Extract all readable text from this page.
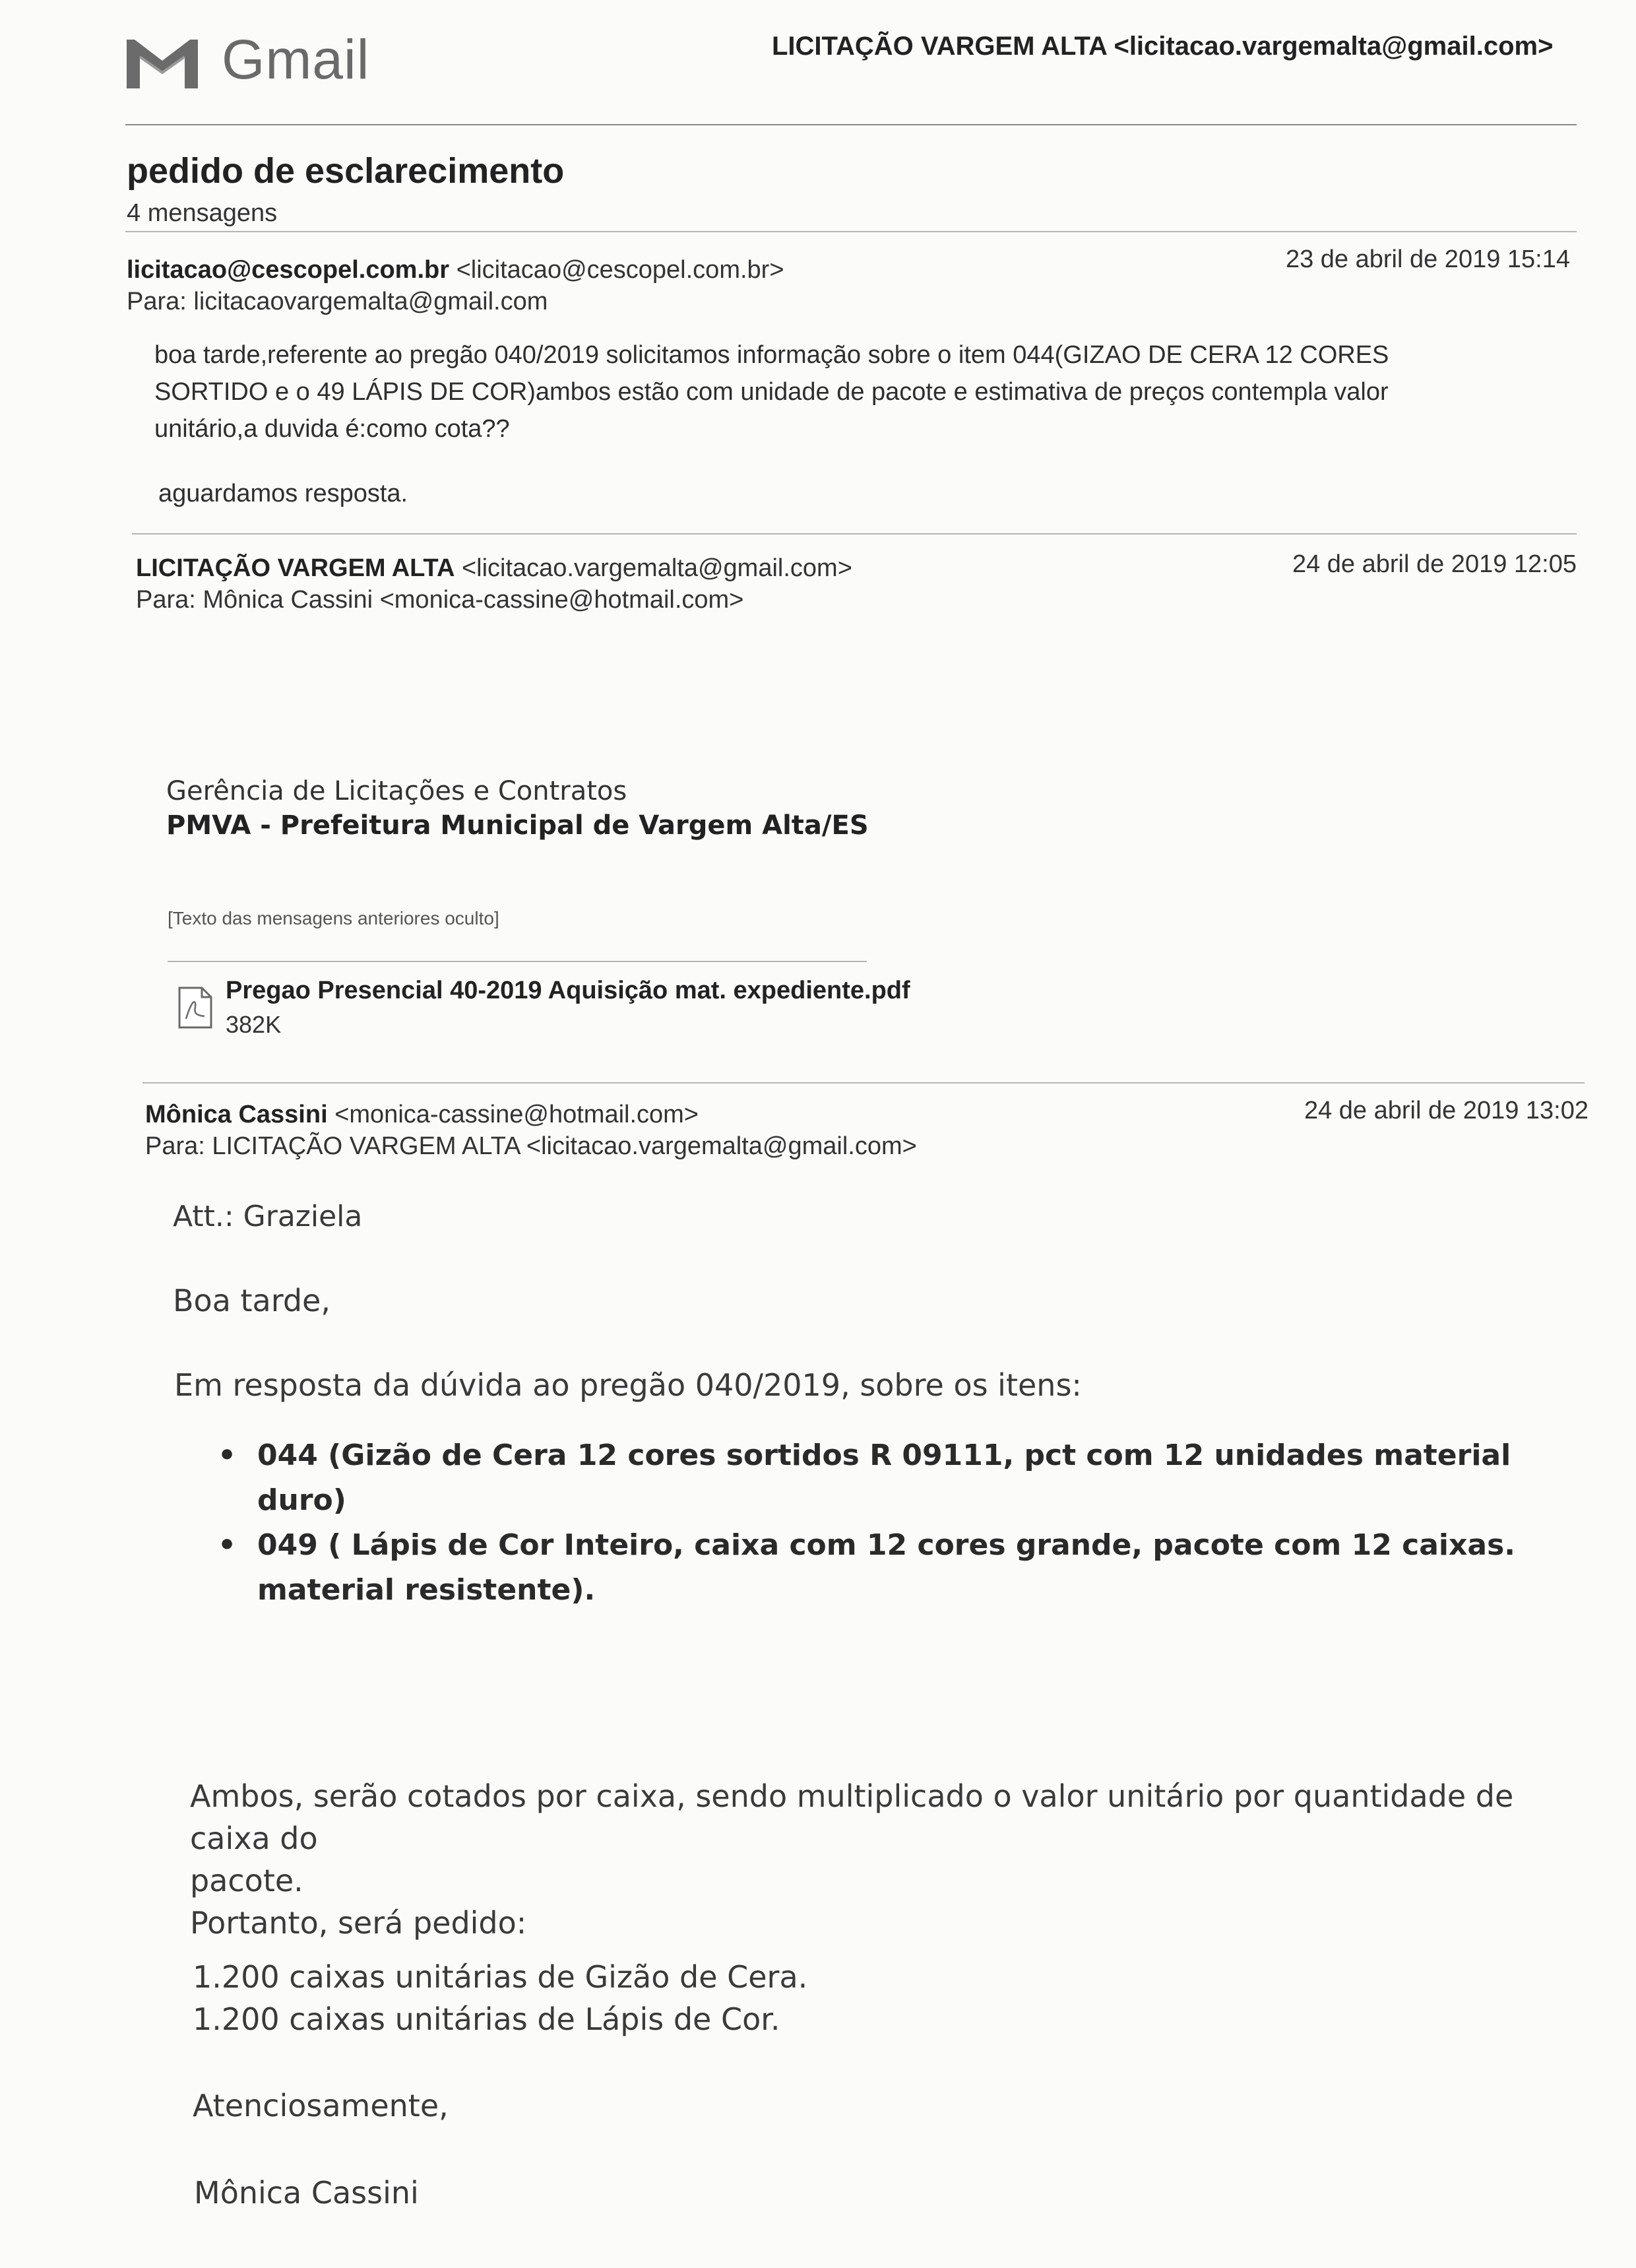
Gmail	LICITAÇÃO VARGEM ALTA <licitacao.vargemalta@gmail.com>
pedido de esclarecimento
4 mensagens
licitacao@cescopel.com.br <licitacao@cescopel.com.br>
Para: licitacaovargemalta@gmail.com
23 de abril de 2019 15:14
boa tarde,referente ao pregão 040/2019 solicitamos informação sobre o item 044(GIZAO DE CERA 12 CORES
SORTIDO e o 49 LÁPIS DE COR)ambos estão com unidade de pacote e estimativa de preços contempla valor
unitário,a duvida é:como cota??
aguardamos resposta.
LICITAÇÃO VARGEM ALTA <licitacao.vargemalta@gmail.com>
Para: Mônica Cassini <monica-cassine@hotmail.com>
24 de abril de 2019 12:05
Gerência de Licitações e Contratos
PMVA - Prefeitura Municipal de Vargem Alta/ES
[Texto das mensagens anteriores oculto]
Pregao Presencial 40-2019 Aquisição mat. expediente.pdf
382K
Mônica Cassini <monica-cassine@hotmail.com>
Para: LICITAÇÃO VARGEM ALTA <licitacao.vargemalta@gmail.com>
24 de abril de 2019 13:02
Att.: Graziela
Boa tarde,
Em resposta da dúvida ao pregão 040/2019, sobre os itens:
• 044 (Gizão de Cera 12 cores sortidos R 09111, pct com 12 unidades material duro)
• 049 ( Lápis de Cor Inteiro, caixa com 12 cores grande, pacote com 12 caixas. material resistente).
Ambos, serão cotados por caixa, sendo multiplicado o valor unitário por quantidade de caixa do
pacote.
Portanto, será pedido:
1.200 caixas unitárias de Gizão de Cera.
1.200 caixas unitárias de Lápis de Cor.
Atenciosamente,
Mônica Cassini
